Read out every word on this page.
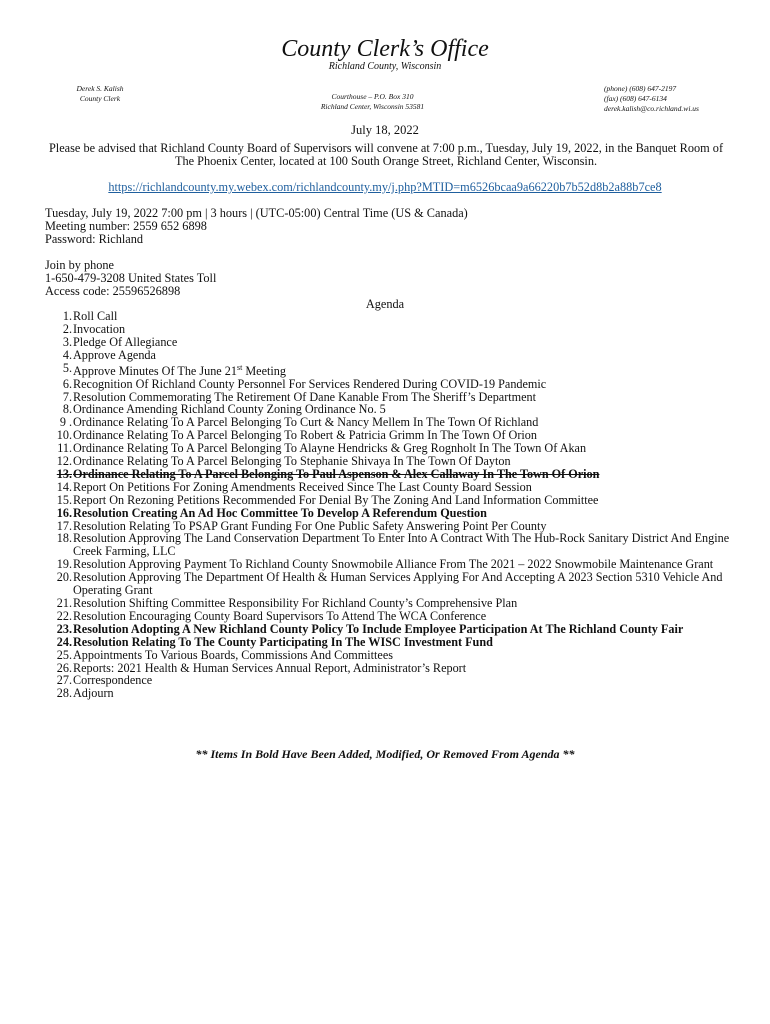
County Clerk’s Office
Richland County, Wisconsin
Derek S. Kalish
County Clerk	Courthouse – P.O. Box 310
Richland Center, Wisconsin 53581
(phone) (608) 647-2197
(fax) (608) 647-6134
derek.kalish@co.richland.wi.us
July 18, 2022
Please be advised that Richland County Board of Supervisors will convene at 7:00 p.m., Tuesday, July 19, 2022, in the Banquet Room of The Phoenix Center, located at 100 South Orange Street, Richland Center, Wisconsin.
https://richlandcounty.my.webex.com/richlandcounty.my/j.php?MTID=m6526bcaa9a66220b7b52d8b2a88b7ce8
Tuesday, July 19, 2022 7:00 pm | 3 hours | (UTC-05:00) Central Time (US & Canada)
Meeting number: 2559 652 6898
Password: Richland
Join by phone
1-650-479-3208 United States Toll
Access code: 25596526898
Agenda
1. Roll Call
2. Invocation
3. Pledge Of Allegiance
4. Approve Agenda
5. Approve Minutes Of The June 21st Meeting
6. Recognition Of Richland County Personnel For Services Rendered During COVID-19 Pandemic
7. Resolution Commemorating The Retirement Of Dane Kanable From The Sheriff’s Department
8. Ordinance Amending Richland County Zoning Ordinance No. 5
9 . Ordinance Relating To A Parcel Belonging To Curt & Nancy Mellem In The Town Of Richland
10. Ordinance Relating To A Parcel Belonging To Robert & Patricia Grimm In The Town Of Orion
11. Ordinance Relating To A Parcel Belonging To Alayne Hendricks & Greg Rognholt In The Town Of Akan
12. Ordinance Relating To A Parcel Belonging To Stephanie Shivaya In The Town Of Dayton
13. Ordinance Relating To A Parcel Belonging To Paul Aspenson & Alex Callaway In The Town Of Orion
14. Report On Petitions For Zoning Amendments Received Since The Last County Board Session
15. Report On Rezoning Petitions Recommended For Denial By The Zoning And Land Information Committee
16. Resolution Creating An Ad Hoc Committee To Develop A Referendum Question
17. Resolution Relating To PSAP Grant Funding For One Public Safety Answering Point Per County
18. Resolution Approving The Land Conservation Department To Enter Into A Contract With The Hub-Rock Sanitary District And Engine Creek Farming, LLC
19. Resolution Approving Payment To Richland County Snowmobile Alliance From The 2021 – 2022 Snowmobile Maintenance Grant
20. Resolution Approving The Department Of Health & Human Services Applying For And Accepting A 2023 Section 5310 Vehicle And Operating Grant
21. Resolution Shifting Committee Responsibility For Richland County’s Comprehensive Plan
22. Resolution Encouraging County Board Supervisors To Attend The WCA Conference
23. Resolution Adopting A New Richland County Policy To Include Employee Participation At The Richland County Fair
24. Resolution Relating To The County Participating In The WISC Investment Fund
25. Appointments To Various Boards, Commissions And Committees
26. Reports: 2021 Health & Human Services Annual Report, Administrator’s Report
27. Correspondence
28. Adjourn
** Items In Bold Have Been Added, Modified, Or Removed From Agenda **
